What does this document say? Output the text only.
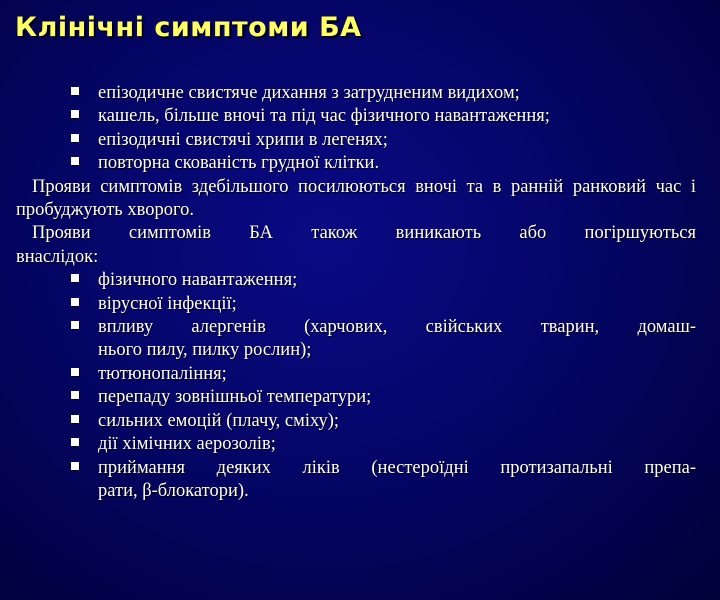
Клінічні симптоми БА
епізодичне свистяче дихання з затрудненим видихом;
кашель, більше вночі та під час фізичного навантаження;
епізодичні свистячі хрипи в легенях;
повторна скованість грудної клітки.
Прояви симптомів здебільшого посилюються вночі та в ранній ранковий час і пробуджують хворого.
Прояви симптомів БА також виникають або погіршуються
внаслідок:
фізичного навантаження;
вірусної інфекції;
впливу алергенів (харчових, свійських тварин, домаш-
нього пилу, пилку рослин);
тютюнопаління;
перепаду зовнішньої температури;
сильних емоцій (плачу, сміху);
дії хімічних аерозолів;
приймання деяких ліків (нестероїдні протизапальні препа-
рати, β-блокатори).
